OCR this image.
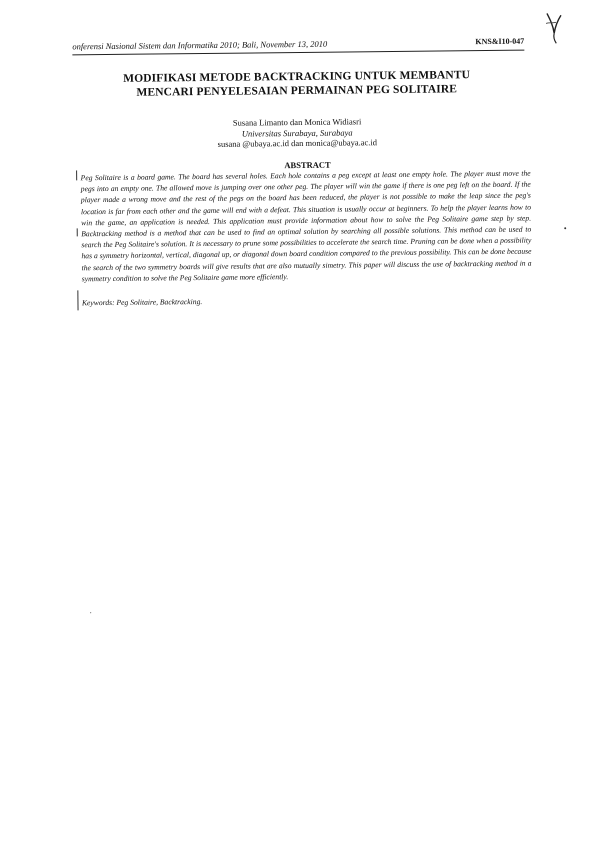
onferensi Nasional Sistem dan Informatika 2010; Bali, November 13, 2010	KNS&I10-047
MODIFIKASI METODE BACKTRACKING UNTUK MEMBANTU
MENCARI PENYELESAIAN PERMAINAN PEG SOLITAIRE
Susana Limanto dan Monica Widiasri
Universitas Surabaya, Surabaya
susana @ubaya.ac.id dan monica@ubaya.ac.id
ABSTRACT
Peg Solitaire is a board game. The board has several holes. Each hole contains a peg except at least one empty hole. The player must move the pegs into an empty one. The allowed move is jumping over one other peg. The player will win the game if there is one peg left on the board. If the player made a wrong move and the rest of the pegs on the board has been reduced, the player is not possible to make the leap since the peg's location is far from each other and the game will end with a defeat. This situation is usually occur at beginners. To help the player learns how to win the game, an application is needed. This application must provide information about how to solve the Peg Solitaire game step by step. Backtracking method is a method that can be used to find an optimal solution by searching all possible solutions. This method can be used to search the Peg Solitaire's solution. It is necessary to prune some possibilities to accelerate the search time. Pruning can be done when a possibility has a symmetry horizontal, vertical, diagonal up, or diagonal down board condition compared to the previous possibility. This can be done because the search of the two symmetry boards will give results that are also mutually simetry. This paper will discuss the use of backtracking method in a symmetry condition to solve the Peg Solitaire game more efficiently.
Keywords: Peg Solitaire, Backtracking.
